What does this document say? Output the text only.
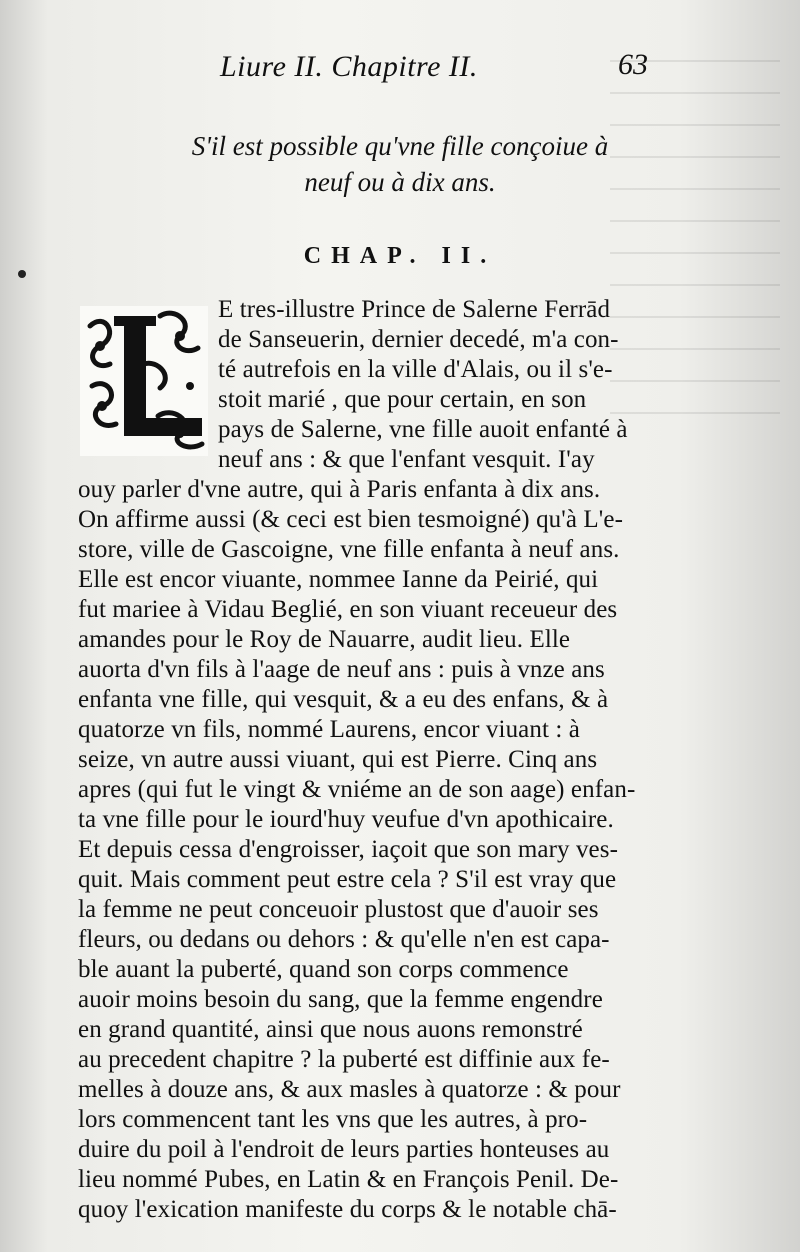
Liure II. Chapitre II.	63
S'il est possible qu'vne fille conçoiue à
neuf ou à dix ans.
CHAP. II.
E tres-illustre Prince de Salerne Ferrād
de Sanseuerin, dernier decedé, m'a con-
té autrefois en la ville d'Alais, ou il s'e-
stoit marié , que pour certain, en son
pays de Salerne, vne fille auoit enfanté à
neuf ans : & que l'enfant vesquit. I'ay
ouy parler d'vne autre, qui à Paris enfanta à dix ans.
On affirme aussi (& ceci est bien tesmoigné) qu'à L'e-
store, ville de Gascoigne, vne fille enfanta à neuf ans.
Elle est encor viuante, nommee Ianne da Peirié, qui
fut mariee à Vidau Beglié, en son viuant receueur des
amandes pour le Roy de Nauarre, audit lieu. Elle
auorta d'vn fils à l'aage de neuf ans : puis à vnze ans
enfanta vne fille, qui vesquit, & a eu des enfans, & à
quatorze vn fils, nommé Laurens, encor viuant : à
seize, vn autre aussi viuant, qui est Pierre. Cinq ans
apres (qui fut le vingt & vniéme an de son aage) enfan-
ta vne fille pour le iourd'huy veufue d'vn apothicaire.
Et depuis cessa d'engroisser, iaçoit que son mary ves-
quit. Mais comment peut estre cela ? S'il est vray que
la femme ne peut conceuoir plustost que d'auoir ses
fleurs, ou dedans ou dehors : & qu'elle n'en est capa-
ble auant la puberté, quand son corps commence
auoir moins besoin du sang, que la femme engendre
en grand quantité, ainsi que nous auons remonstré
au precedent chapitre ? la puberté est diffinie aux fe-
melles à douze ans, & aux masles à quatorze : & pour
lors commencent tant les vns que les autres, à pro-
duire du poil à l'endroit de leurs parties honteuses au
lieu nommé Pubes, en Latin & en François Penil. De-
quoy l'exication manifeste du corps & le notable chā-
